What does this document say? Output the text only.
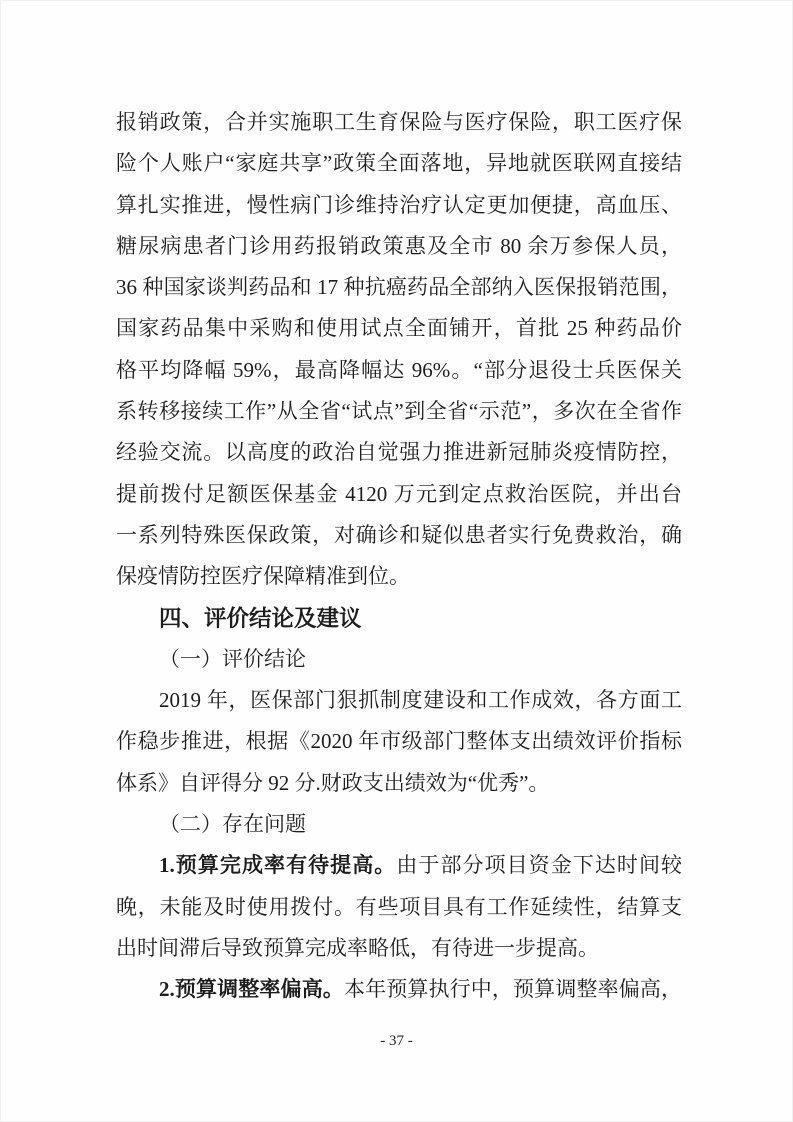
报销政策，合并实施职工生育保险与医疗保险，职工医疗保
险个人账户“家庭共享”政策全面落地，异地就医联网直接结
算扎实推进，慢性病门诊维持治疗认定更加便捷，高血压、
糖尿病患者门诊用药报销政策惠及全市 80 余万参保人员，
36 种国家谈判药品和 17 种抗癌药品全部纳入医保报销范围，
国家药品集中采购和使用试点全面铺开，首批 25 种药品价
格平均降幅 59%，最高降幅达 96%。“部分退役士兵医保关
系转移接续工作”从全省“试点”到全省“示范”，多次在全省作
经验交流。以高度的政治自觉强力推进新冠肺炎疫情防控，
提前拨付足额医保基金 4120 万元到定点救治医院，并出台
一系列特殊医保政策，对确诊和疑似患者实行免费救治，确
保疫情防控医疗保障精准到位。
四、评价结论及建议
（一）评价结论
2019 年，医保部门狠抓制度建设和工作成效，各方面工
作稳步推进，根据《2020 年市级部门整体支出绩效评价指标
体系》自评得分 92 分.财政支出绩效为“优秀”。
（二）存在问题
1.预算完成率有待提高。由于部分项目资金下达时间较
晚，未能及时使用拨付。有些项目具有工作延续性，结算支
出时间滞后导致预算完成率略低，有待进一步提高。
2.预算调整率偏高。本年预算执行中，预算调整率偏高，
- 37 -
